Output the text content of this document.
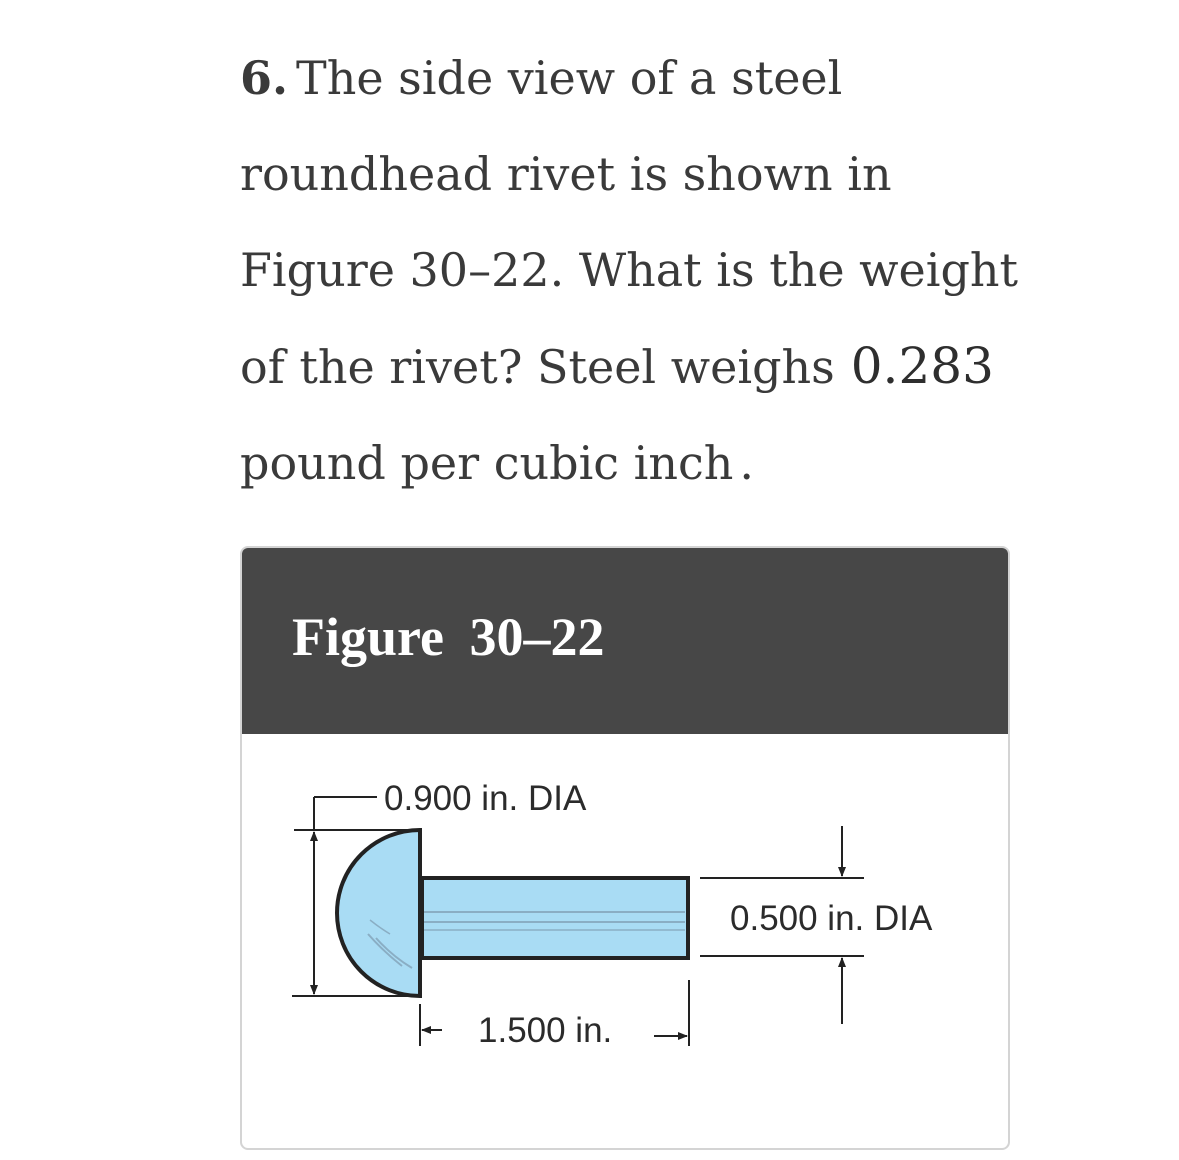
6. The side view of a steel
roundhead rivet is shown in
Figure 30–22. What is the weight
of the rivet? Steel weighs 0.283
pound per cubic inch .
Figure 30–22
0.900 in. DIA
0.500 in. DIA
1.500 in.
